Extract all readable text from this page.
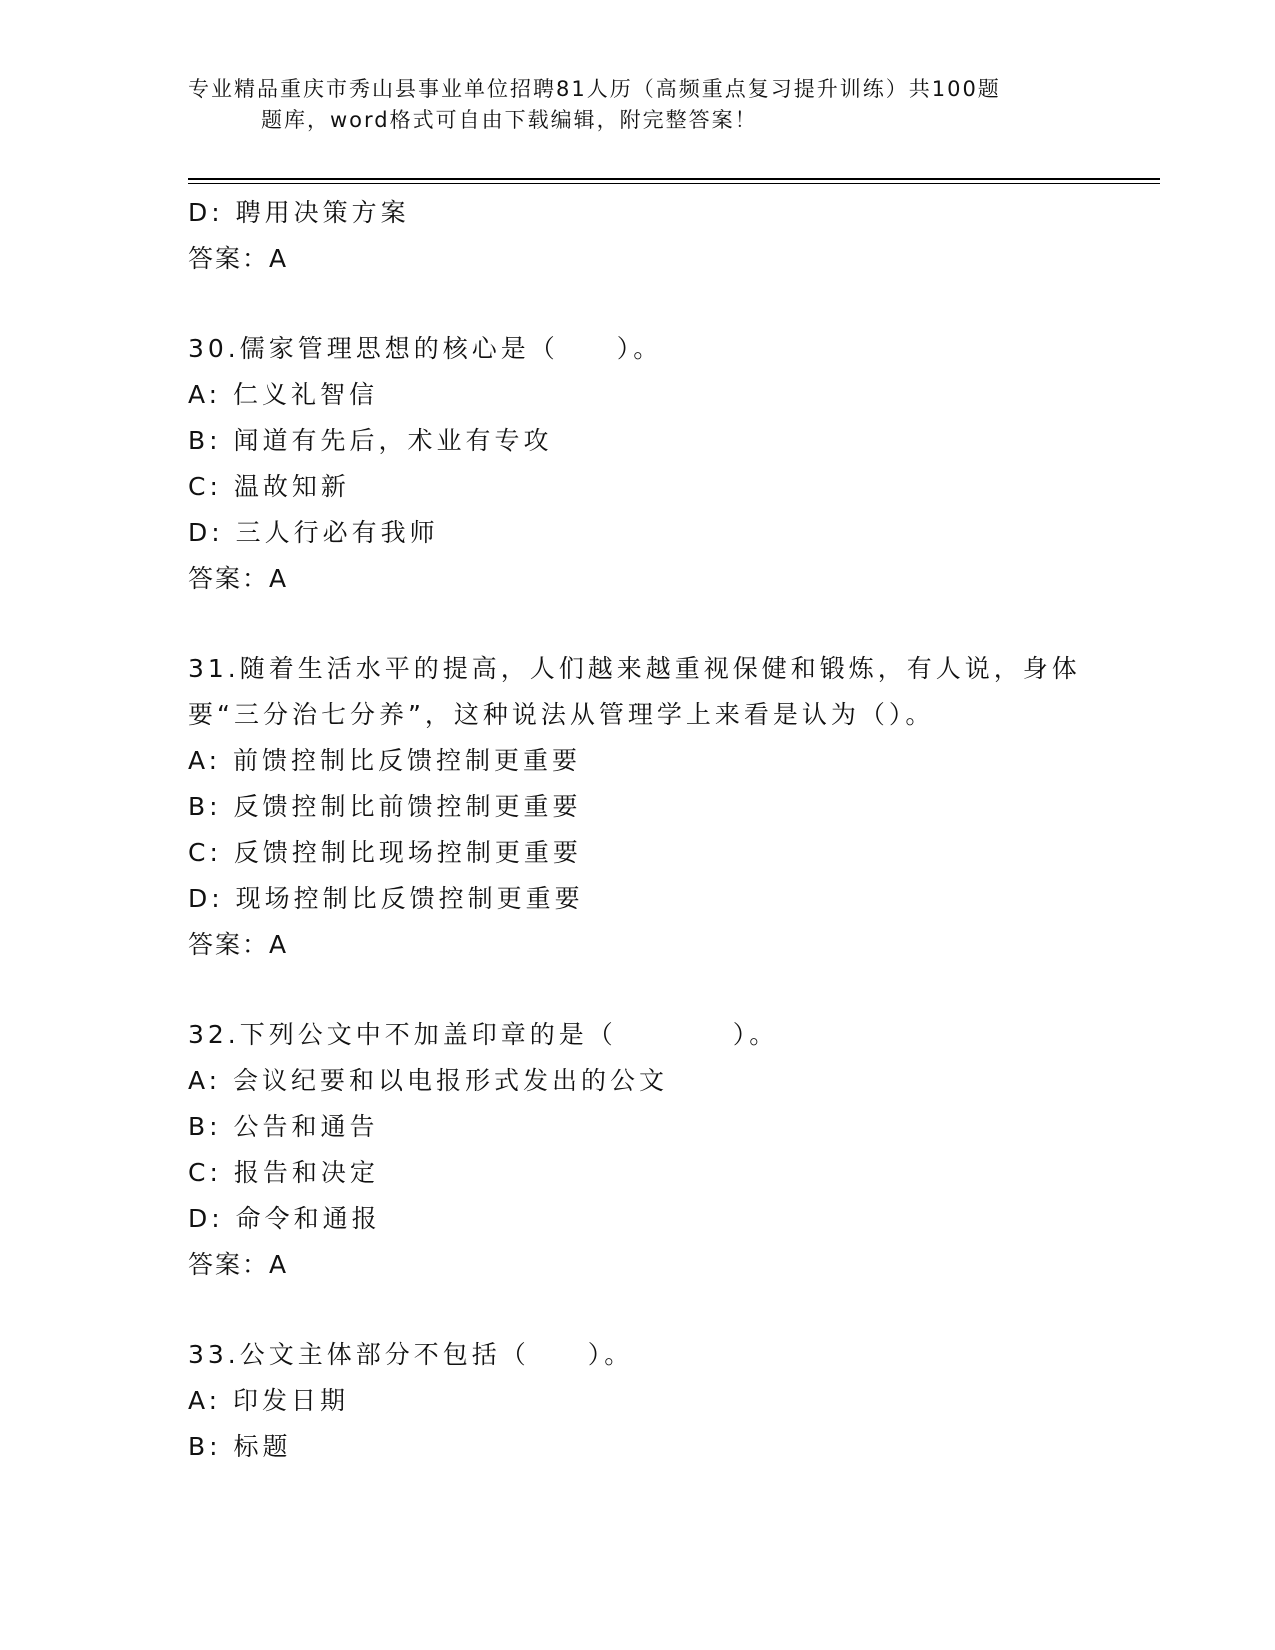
专业精品重庆市秀山县事业单位招聘81人历（高频重点复习提升训练）共100题
题库，word格式可自由下载编辑，附完整答案！
D: 聘用决策方案
答案：A
30.儒家管理思想的核心是（　　）。
A: 仁义礼智信
B: 闻道有先后，术业有专攻
C: 温故知新
D: 三人行必有我师
答案：A
31.随着生活水平的提高，人们越来越重视保健和锻炼，有人说，身体
要“三分治七分养”，这种说法从管理学上来看是认为（）。
A: 前馈控制比反馈控制更重要
B: 反馈控制比前馈控制更重要
C: 反馈控制比现场控制更重要
D: 现场控制比反馈控制更重要
答案：A
32.下列公文中不加盖印章的是（　　　　）。
A: 会议纪要和以电报形式发出的公文
B: 公告和通告
C: 报告和决定
D: 命令和通报
答案：A
33.公文主体部分不包括（　　）。
A: 印发日期
B: 标题
